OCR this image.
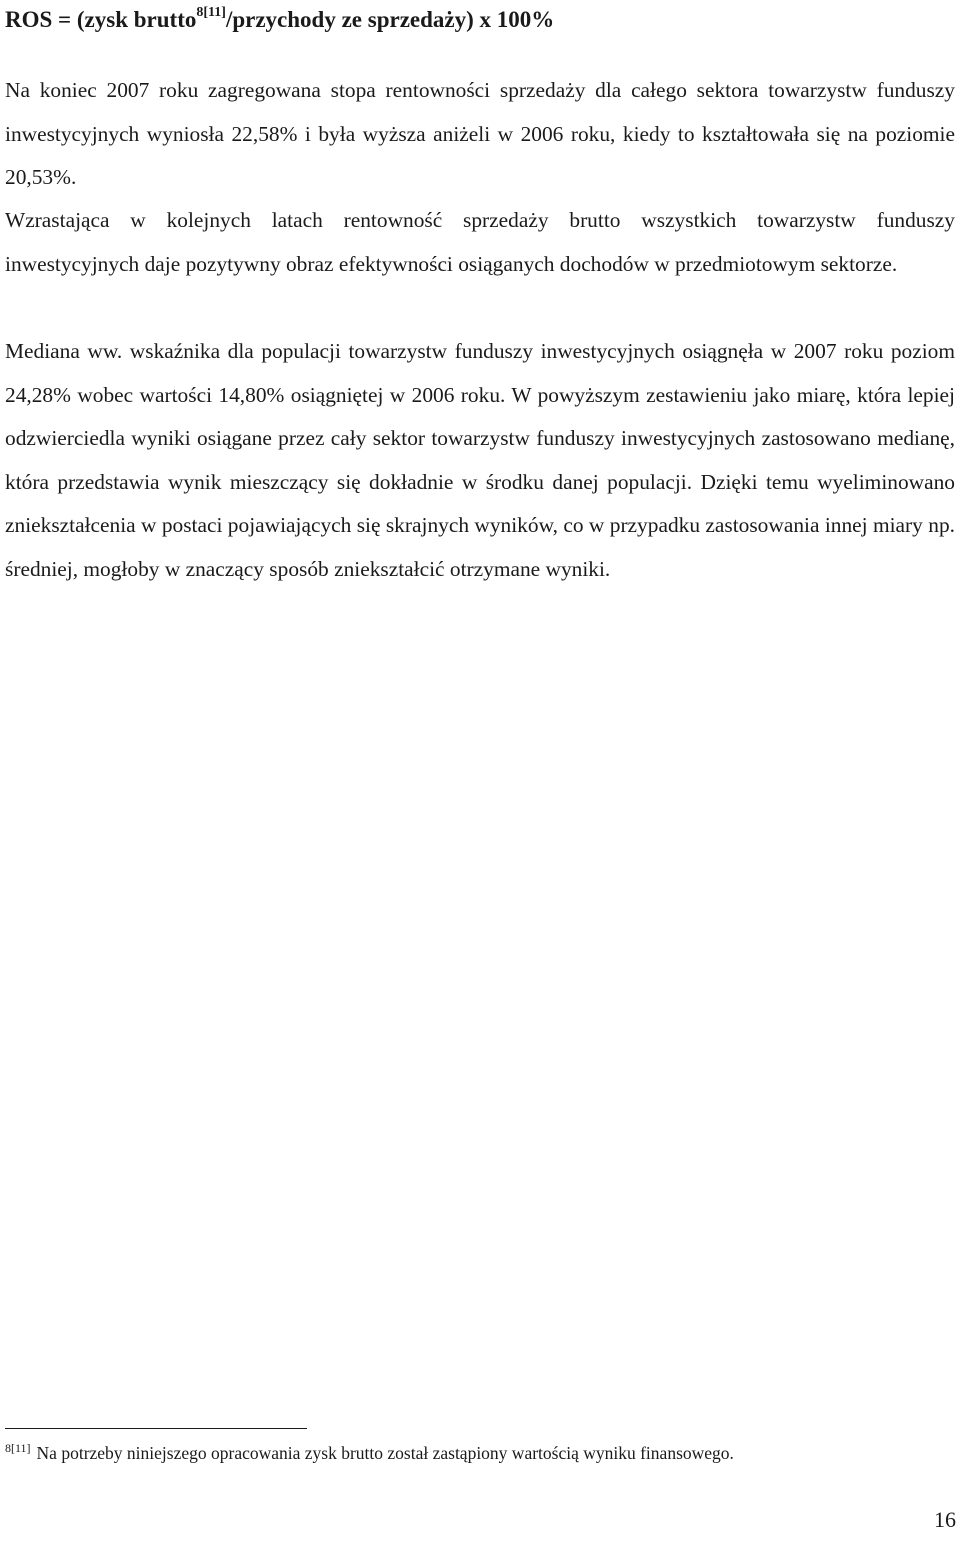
ROS = (zysk brutto$^{8[11]}$/przychody ze sprzedaży) x 100%

Na koniec 2007 roku zagregowana stopa rentowności sprzedaży dla całego sektora towarzystw funduszy inwestycyjnych wyniosła 22,58% i była wyższa aniżeli w 2006 roku, kiedy to kształtowała się na poziomie 20,53%.

Wzrastająca w kolejnych latach rentowność sprzedaży brutto wszystkich towarzystw funduszy inwestycyjnych daje pozytywny obraz efektywności osiąganych dochodów w przedmiotowym sektorze.

Mediana ww. wskaźnika dla populacji towarzystw funduszy inwestycyjnych osiągnęła w 2007 roku poziom 24,28% wobec wartości 14,80% osiągniętej w 2006 roku. W powyższym zestawieniu jako miarę, która lepiej odzwierciedla wyniki osiągane przez cały sektor towarzystw funduszy inwestycyjnych zastosowano medianę, która przedstawia wynik mieszczący się dokładnie w środku danej populacji. Dzięki temu wyeliminowano zniekształcenia w postaci pojawiających się skrajnych wyników, co w przypadku zastosowania innej miary np. średniej, mogłoby w znaczący sposób zniekształcić otrzymane wyniki.

$^{8[11]}$ Na potrzeby niniejszego opracowania zysk brutto został zastąpiony wartością wyniku finansowego.
16
